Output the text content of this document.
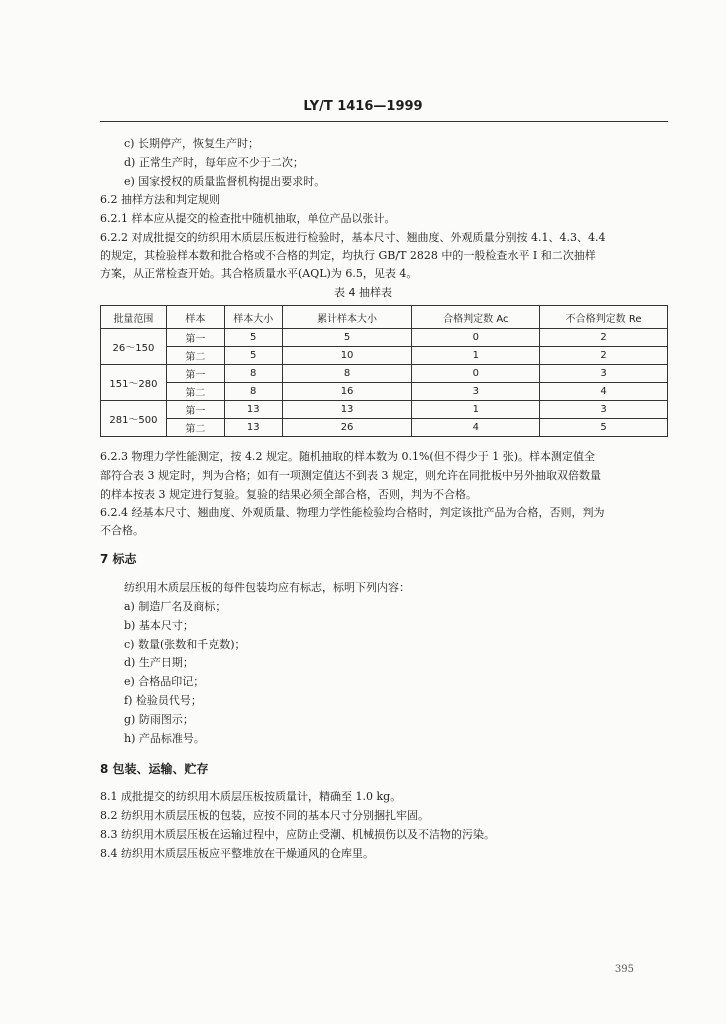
LY/T 1416—1999
c) 长期停产，恢复生产时；
d) 正常生产时，每年应不少于二次；
e) 国家授权的质量监督机构提出要求时。
6.2 抽样方法和判定规则
6.2.1 样本应从提交的检查批中随机抽取，单位产品以张计。
6.2.2 对成批提交的纺织用木质层压板进行检验时，基本尺寸、翘曲度、外观质量分别按 4.1、4.3、4.4
的规定，其检验样本数和批合格或不合格的判定，均执行 GB/T 2828 中的一般检查水平 I 和二次抽样
方案，从正常检查开始。其合格质量水平(AQL)为 6.5，见表 4。
表 4 抽样表
批量范围	样本	样本大小	累计样本大小	合格判定数 Ac	不合格判定数 Re
26～150	第一	5	5	0	2
	第二	5	10	1	2
151～280	第一	8	8	0	3
	第二	8	16	3	4
281～500	第一	13	13	1	3
	第二	13	26	4	5
6.2.3 物理力学性能测定，按 4.2 规定。随机抽取的样本数为 0.1%(但不得少于 1 张)。样本测定值全
部符合表 3 规定时，判为合格；如有一项测定值达不到表 3 规定，则允许在同批板中另外抽取双倍数量
的样本按表 3 规定进行复验。复验的结果必须全部合格，否则，判为不合格。
6.2.4 经基本尺寸、翘曲度、外观质量、物理力学性能检验均合格时，判定该批产品为合格，否则，判为
不合格。
7 标志
纺织用木质层压板的每件包装均应有标志，标明下列内容：
a) 制造厂名及商标；
b) 基本尺寸；
c) 数量(张数和千克数)；
d) 生产日期；
e) 合格品印记；
f) 检验员代号；
g) 防雨图示；
h) 产品标准号。
8 包装、运输、贮存
8.1 成批提交的纺织用木质层压板按质量计，精确至 1.0 kg。
8.2 纺织用木质层压板的包装，应按不同的基本尺寸分别捆扎牢固。
8.3 纺织用木质层压板在运输过程中，应防止受潮、机械损伤以及不洁物的污染。
8.4 纺织用木质层压板应平整堆放在干燥通风的仓库里。
395
